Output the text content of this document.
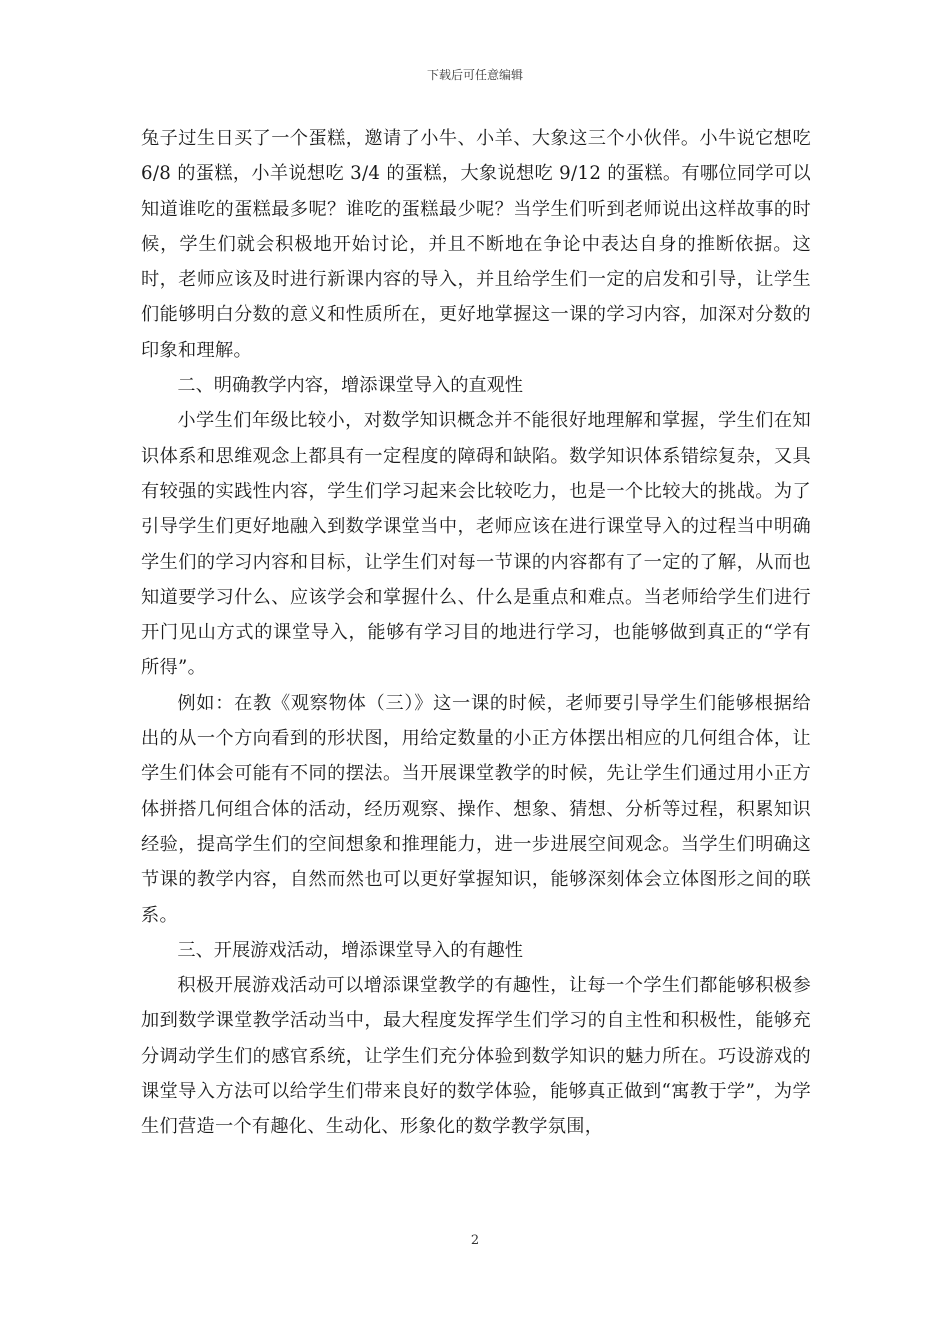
下载后可任意编辑

兔子过生日买了一个蛋糕，邀请了小牛、小羊、大象这三个小伙伴。小牛说它想吃 6/8 的蛋糕，小羊说想吃 3/4 的蛋糕，大象说想吃 9/12 的蛋糕。有哪位同学可以知道谁吃的蛋糕最多呢？谁吃的蛋糕最少呢？当学生们听到老师说出这样故事的时候，学生们就会积极地开始讨论，并且不断地在争论中表达自身的推断依据。这时，老师应该及时进行新课内容的导入，并且给学生们一定的启发和引导，让学生们能够明白分数的意义和性质所在，更好地掌握这一课的学习内容，加深对分数的印象和理解。

二、明确教学内容，增添课堂导入的直观性

小学生们年级比较小，对数学知识概念并不能很好地理解和掌握，学生们在知识体系和思维观念上都具有一定程度的障碍和缺陷。数学知识体系错综复杂，又具有较强的实践性内容，学生们学习起来会比较吃力，也是一个比较大的挑战。为了引导学生们更好地融入到数学课堂当中，老师应该在进行课堂导入的过程当中明确学生们的学习内容和目标，让学生们对每一节课的内容都有了一定的了解，从而也知道要学习什么、应该学会和掌握什么、什么是重点和难点。当老师给学生们进行开门见山方式的课堂导入，能够有学习目的地进行学习，也能够做到真正的“学有所得”。

例如：在教《观察物体（三）》这一课的时候，老师要引导学生们能够根据给出的从一个方向看到的形状图，用给定数量的小正方体摆出相应的几何组合体，让学生们体会可能有不同的摆法。当开展课堂教学的时候，先让学生们通过用小正方体拼搭几何组合体的活动，经历观察、操作、想象、猜想、分析等过程，积累知识经验，提高学生们的空间想象和推理能力，进一步进展空间观念。当学生们明确这节课的教学内容，自然而然也可以更好掌握知识，能够深刻体会立体图形之间的联系。

三、开展游戏活动，增添课堂导入的有趣性

积极开展游戏活动可以增添课堂教学的有趣性，让每一个学生们都能够积极参加到数学课堂教学活动当中，最大程度发挥学生们学习的自主性和积极性，能够充分调动学生们的感官系统，让学生们充分体验到数学知识的魅力所在。巧设游戏的课堂导入方法可以给学生们带来良好的数学体验，能够真正做到“寓教于学”，为学生们营造一个有趣化、生动化、形象化的数学教学氛围，

2
